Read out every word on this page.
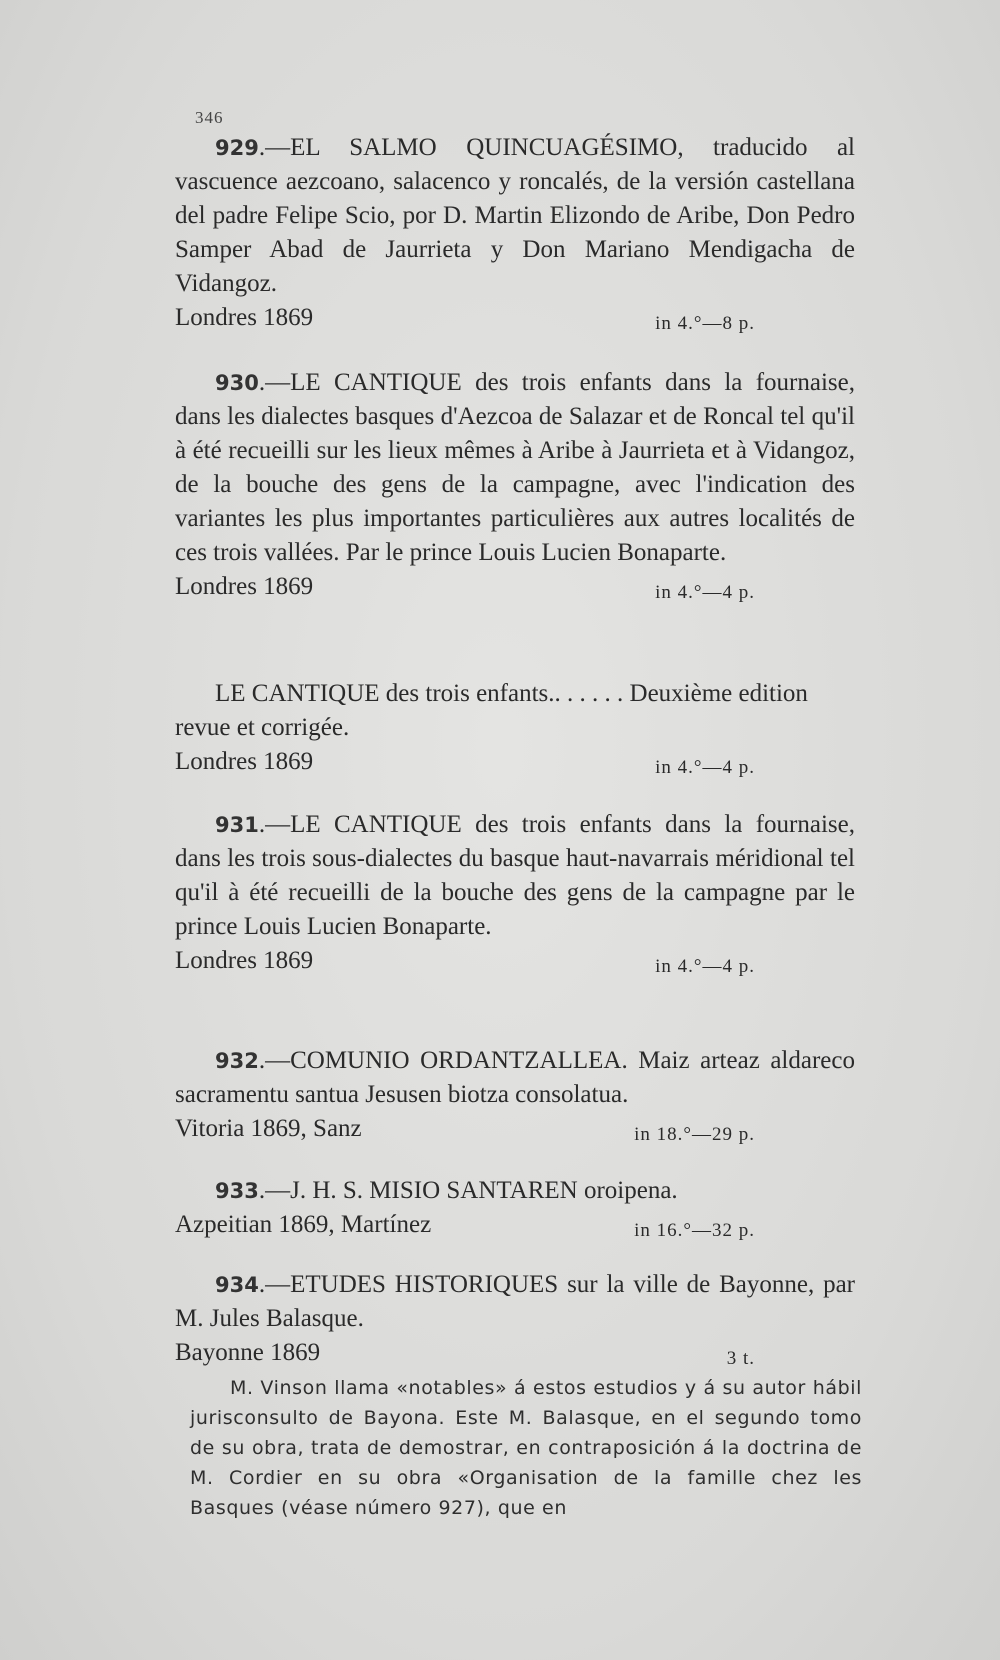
346

929.—EL SALMO QUINCUAGÉSIMO, traducido al vascuence aezcoano, salacenco y roncalés, de la versión castellana del padre Felipe Scio, por D. Martin Elizondo de Aribe, Don Pedro Samper Abad de Jaurrieta y Don Mariano Mendigacha de Vidangoz.

Londres 1869	in 4.°—8 p.

930.—LE CANTIQUE des trois enfants dans la fournaise, dans les dialectes basques d'Aezcoa de Salazar et de Roncal tel qu'il à été recueilli sur les lieux mêmes à Aribe à Jaurrieta et à Vidangoz, de la bouche des gens de la campagne, avec l'indication des variantes les plus importantes particulières aux autres localités de ces trois vallées. Par le prince Louis Lucien Bonaparte.

Londres 1869	in 4.°—4 p.

LE CANTIQUE des trois enfants.. . . . . . Deuxième edition revue et corrigée.

Londres 1869	in 4.°—4 p.

931.—LE CANTIQUE des trois enfants dans la fournaise, dans les trois sous-dialectes du basque haut-navarrais méridional tel qu'il à été recueilli de la bouche des gens de la campagne par le prince Louis Lucien Bonaparte.

Londres 1869	in 4.°—4 p.

932.—COMUNIO ORDANTZALLEA. Maiz arteaz aldareco sacramentu santua Jesusen biotza consolatua.

Vitoria 1869, Sanz	in 18.°—29 p.

933.—J. H. S. MISIO SANTAREN oroipena.

Azpeitian 1869, Martínez	in 16.°—32 p.

934.—ETUDES HISTORIQUES sur la ville de Bayonne, par M. Jules Balasque.

Bayonne 1869	3 t.
M. Vinson llama «notables» á estos estudios y á su autor hábil jurisconsulto de Bayona. Este M. Balasque, en el segundo tomo de su obra, trata de demostrar, en contraposición á la doctrina de M. Cordier en su obra «Organisation de la famille chez les Basques (véase número 927), que en
